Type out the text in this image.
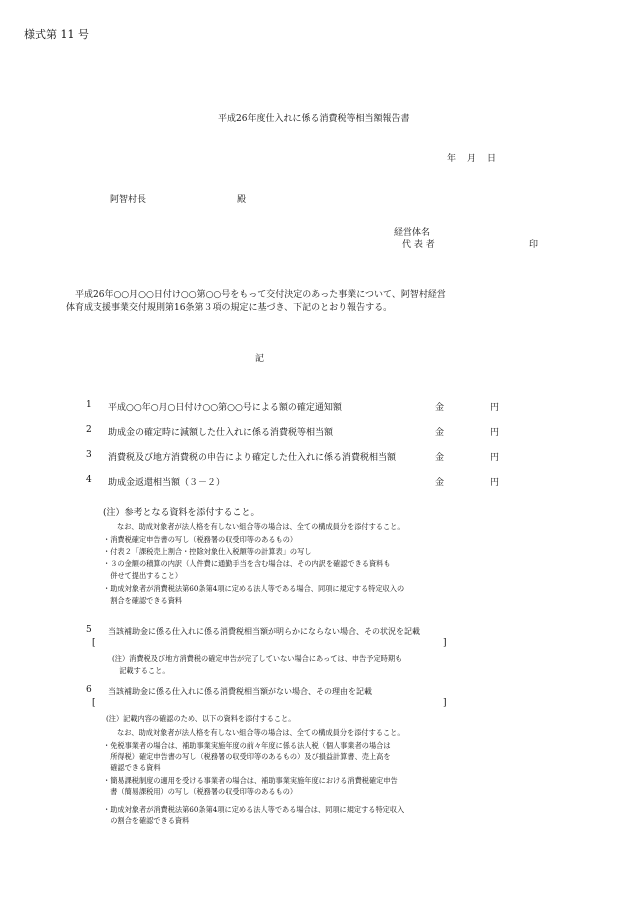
様式第 11 号
平成26年度仕入れに係る消費税等相当額報告書
年　月　日
阿智村長	殿
経営体名
代 表 者	印
平成26年○○月○○日付け○○第○○号をもって交付決定のあった事業について、阿智村経営
体育成支援事業交付規則第16条第３項の規定に基づき、下記のとおり報告する。
記
1 平成○○年○月○日付け○○第○○号による額の確定通知額	金	円
2 助成金の確定時に減額した仕入れに係る消費税等相当額	金	円
3 消費税及び地方消費税の申告により確定した仕入れに係る消費税相当額	金	円
4 助成金返還相当額（３－２）	金	円
(注）参考となる資料を添付すること。
なお、助成対象者が法人格を有しない組合等の場合は、全ての構成員分を添付すること。
・消費税確定申告書の写し（税務署の収受印等のあるもの）
・付表２「課税売上割合・控除対象仕入税額等の計算表」の写し
・３の金額の積算の内訳（人件費に通勤手当を含む場合は、その内訳を確認できる資料も
　併せて提出すること）
・助成対象者が消費税法第60条第4項に定める法人等である場合、同項に規定する特定収入の
　割合を確認できる資料
5 当該補助金に係る仕入れに係る消費税相当額が明らかにならない場合、その状況を記載
[	]
(注）消費税及び地方消費税の確定申告が完了していない場合にあっては、申告予定時期も
　記載すること。
6 当該補助金に係る仕入れに係る消費税相当額がない場合、その理由を記載
[	]
(注）記載内容の確認のため、以下の資料を添付すること。
なお、助成対象者が法人格を有しない組合等の場合は、全ての構成員分を添付すること。
・免税事業者の場合は、補助事業実施年度の前々年度に係る法人税（個人事業者の場合は
　所得税）確定申告書の写し（税務署の収受印等のあるもの）及び損益計算書、売上高を
　確認できる資料
・簡易課税制度の適用を受ける事業者の場合は、補助事業実施年度における消費税確定申告
　書（簡易課税用）の写し（税務署の収受印等のあるもの）
・助成対象者が消費税法第60条第4項に定める法人等である場合は、同項に規定する特定収入
　の割合を確認できる資料
